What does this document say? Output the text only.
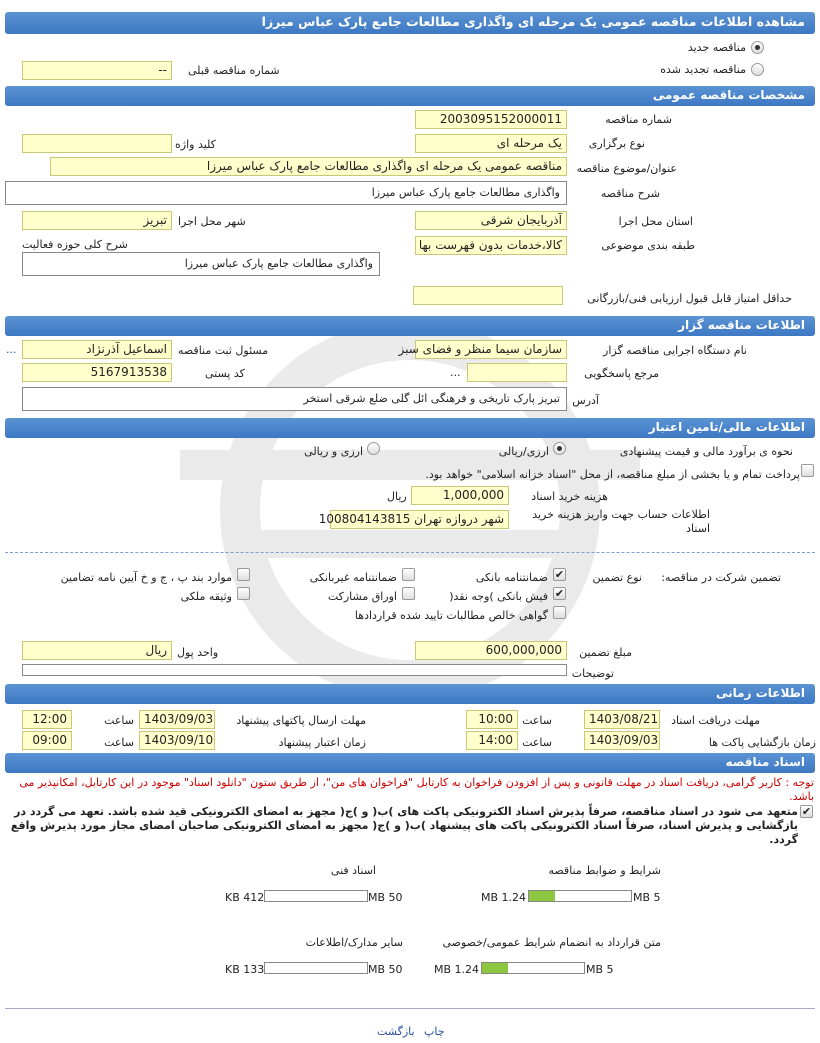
مشاهده اطلاعات مناقصه عمومی یک مرحله ای واگذاری مطالعات جامع پارک عباس میرزا
مناقصه جدید
مناقصه تجدید شده
شماره مناقصه قبلی
--
مشخصات مناقصه عمومی
شماره مناقصه
2003095152000011
نوع برگزاری
یک مرحله ای
کلید واژه
عنوان/موضوع مناقصه
مناقصه عمومی یک مرحله ای واگذاری مطالعات جامع پارک عباس میرزا
شرح مناقصه
واگذاری مطالعات جامع پارک عباس میرزا
استان محل اجرا
آذربایجان شرقی
شهر محل اجرا
تبریز
طبقه بندی موضوعی
کالا،خدمات بدون فهرست بها
شرح کلی حوزه فعالیت
واگذاری مطالعات جامع پارک عباس میرزا
حداقل امتیاز قابل قبول ارزیابی فنی/بازرگانی
اطلاعات مناقصه گزار
نام دستگاه اجرایی مناقصه گزار
سازمان سیما منظر و فضای سبز
مسئول ثبت مناقصه
اسماعیل آذرنژاد
...
مرجع پاسخگویی
...
کد پستی
5167913538
آدرس
تبریز پارک تاریخی و فرهنگی ائل گلی ضلع شرقی استخر
اطلاعات مالی/تامین اعتبار
نحوه ی برآورد مالی و قیمت پیشنهادی
ارزی/ریالی
ارزی و ریالی
پرداخت تمام و یا بخشی از مبلغ مناقصه، از محل "اسناد خزانه اسلامی" خواهد بود.
هزینه خرید اسناد
1,000,000
ریال
اطلاعات حساب جهت واریز هزینه خرید اسناد
شهر دروازه تهران 100804143815
تضمین شرکت در مناقصه:
نوع تضمین
✔
ضمانتنامه بانکی
ضمانتنامه غیربانکی
موارد بند پ ، ج و خ آیین نامه تضامین
✔
فیش بانکی )وجه نقد(
اوراق مشارکت
وثیقه ملکی
گواهی خالص مطالبات تایید شده قراردادها
مبلغ تضمین
600,000,000
واحد پول
ریال
توضیحات
اطلاعات زمانی
مهلت دریافت اسناد
1403/08/21
ساعت
10:00
مهلت ارسال پاکتهای پیشنهاد
1403/09/03
ساعت
12:00
زمان بازگشایی پاکت ها
1403/09/03
ساعت
14:00
زمان اعتبار پیشنهاد
1403/09/10
ساعت
09:00
اسناد مناقصه
توجه : کاربر گرامی، دریافت اسناد در مهلت قانونی و پس از افزودن فراخوان به کارتابل "فراخوان های من"، از طریق ستون "دانلود اسناد" موجود در این کارتابل، امکانپذیر می باشد.
✔
متعهد می شود در اسناد مناقصه، صرفاً پذیرش اسناد الکترونیکی پاکت های )ب( و )ج( مجهز به امضای الکترونیکی قید شده باشد. تعهد می گردد در بازگشایی و پذیرش اسناد، صرفاً اسناد الکترونیکی پاکت های پیشنهاد )ب( و )ج( مجهز به امضای الکترونیکی صاحبان امضای مجاز مورد پذیرش واقع گردد.
شرایط و ضوابط مناقصه
5 MB
1.24 MB
اسناد فنی
50 MB
412 KB
متن قرارداد به انضمام شرایط عمومی/خصوصی
5 MB
1.24 MB
سایر مدارک/اطلاعات
50 MB
133 KB
بازگشت چاپ
